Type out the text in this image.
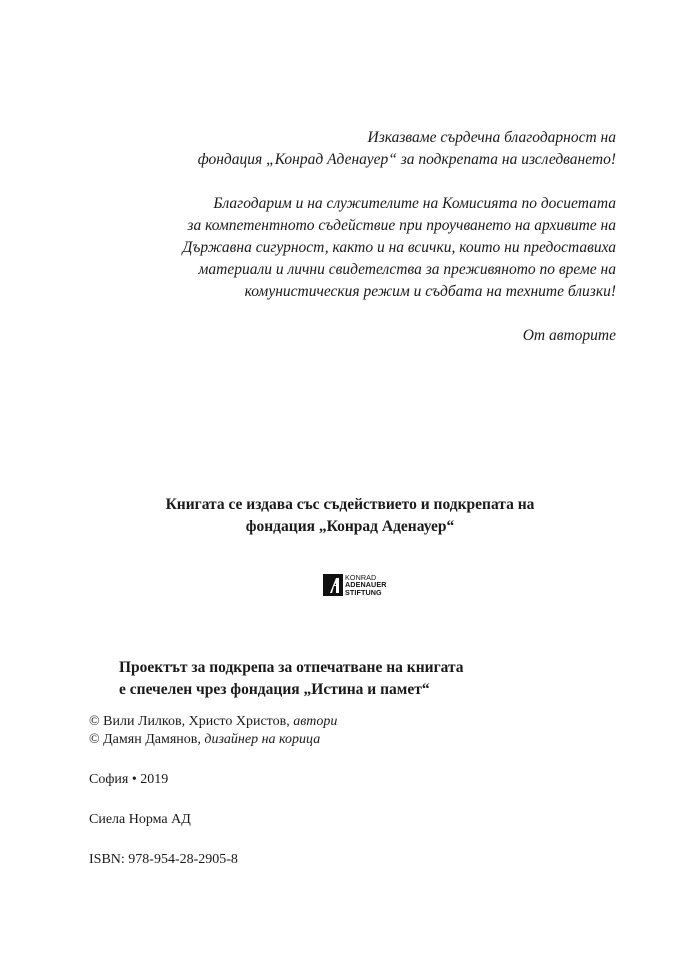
Изказваме сърдечна благодарност на

фондация „Конрад Аденауер“ за подкрепата на изследването!

Благодарим и на служителите на Комисията по досиетата

за компетентното съдействие при проучването на архивите на

Държавна сигурност, както и на всички, които ни предоставиха

материали и лични свидетелства за преживяното по време на

комунистическия режим и съдбата на техните близки!

От авторите

Книгата се издава със съдействието и подкрепата на

фондация „Конрад Аденауер“

KONRAD
ADENAUER
STIFTUNG

Проектът за подкрепа за отпечатване на книгата

е спечелен чрез фондация „Истина и памет“

© Вили Лилков, Христо Христов, автори

© Дамян Дамянов, дизайнер на корица

София • 2019

Сиела Норма АД

ISBN: 978-954-28-2905-8
